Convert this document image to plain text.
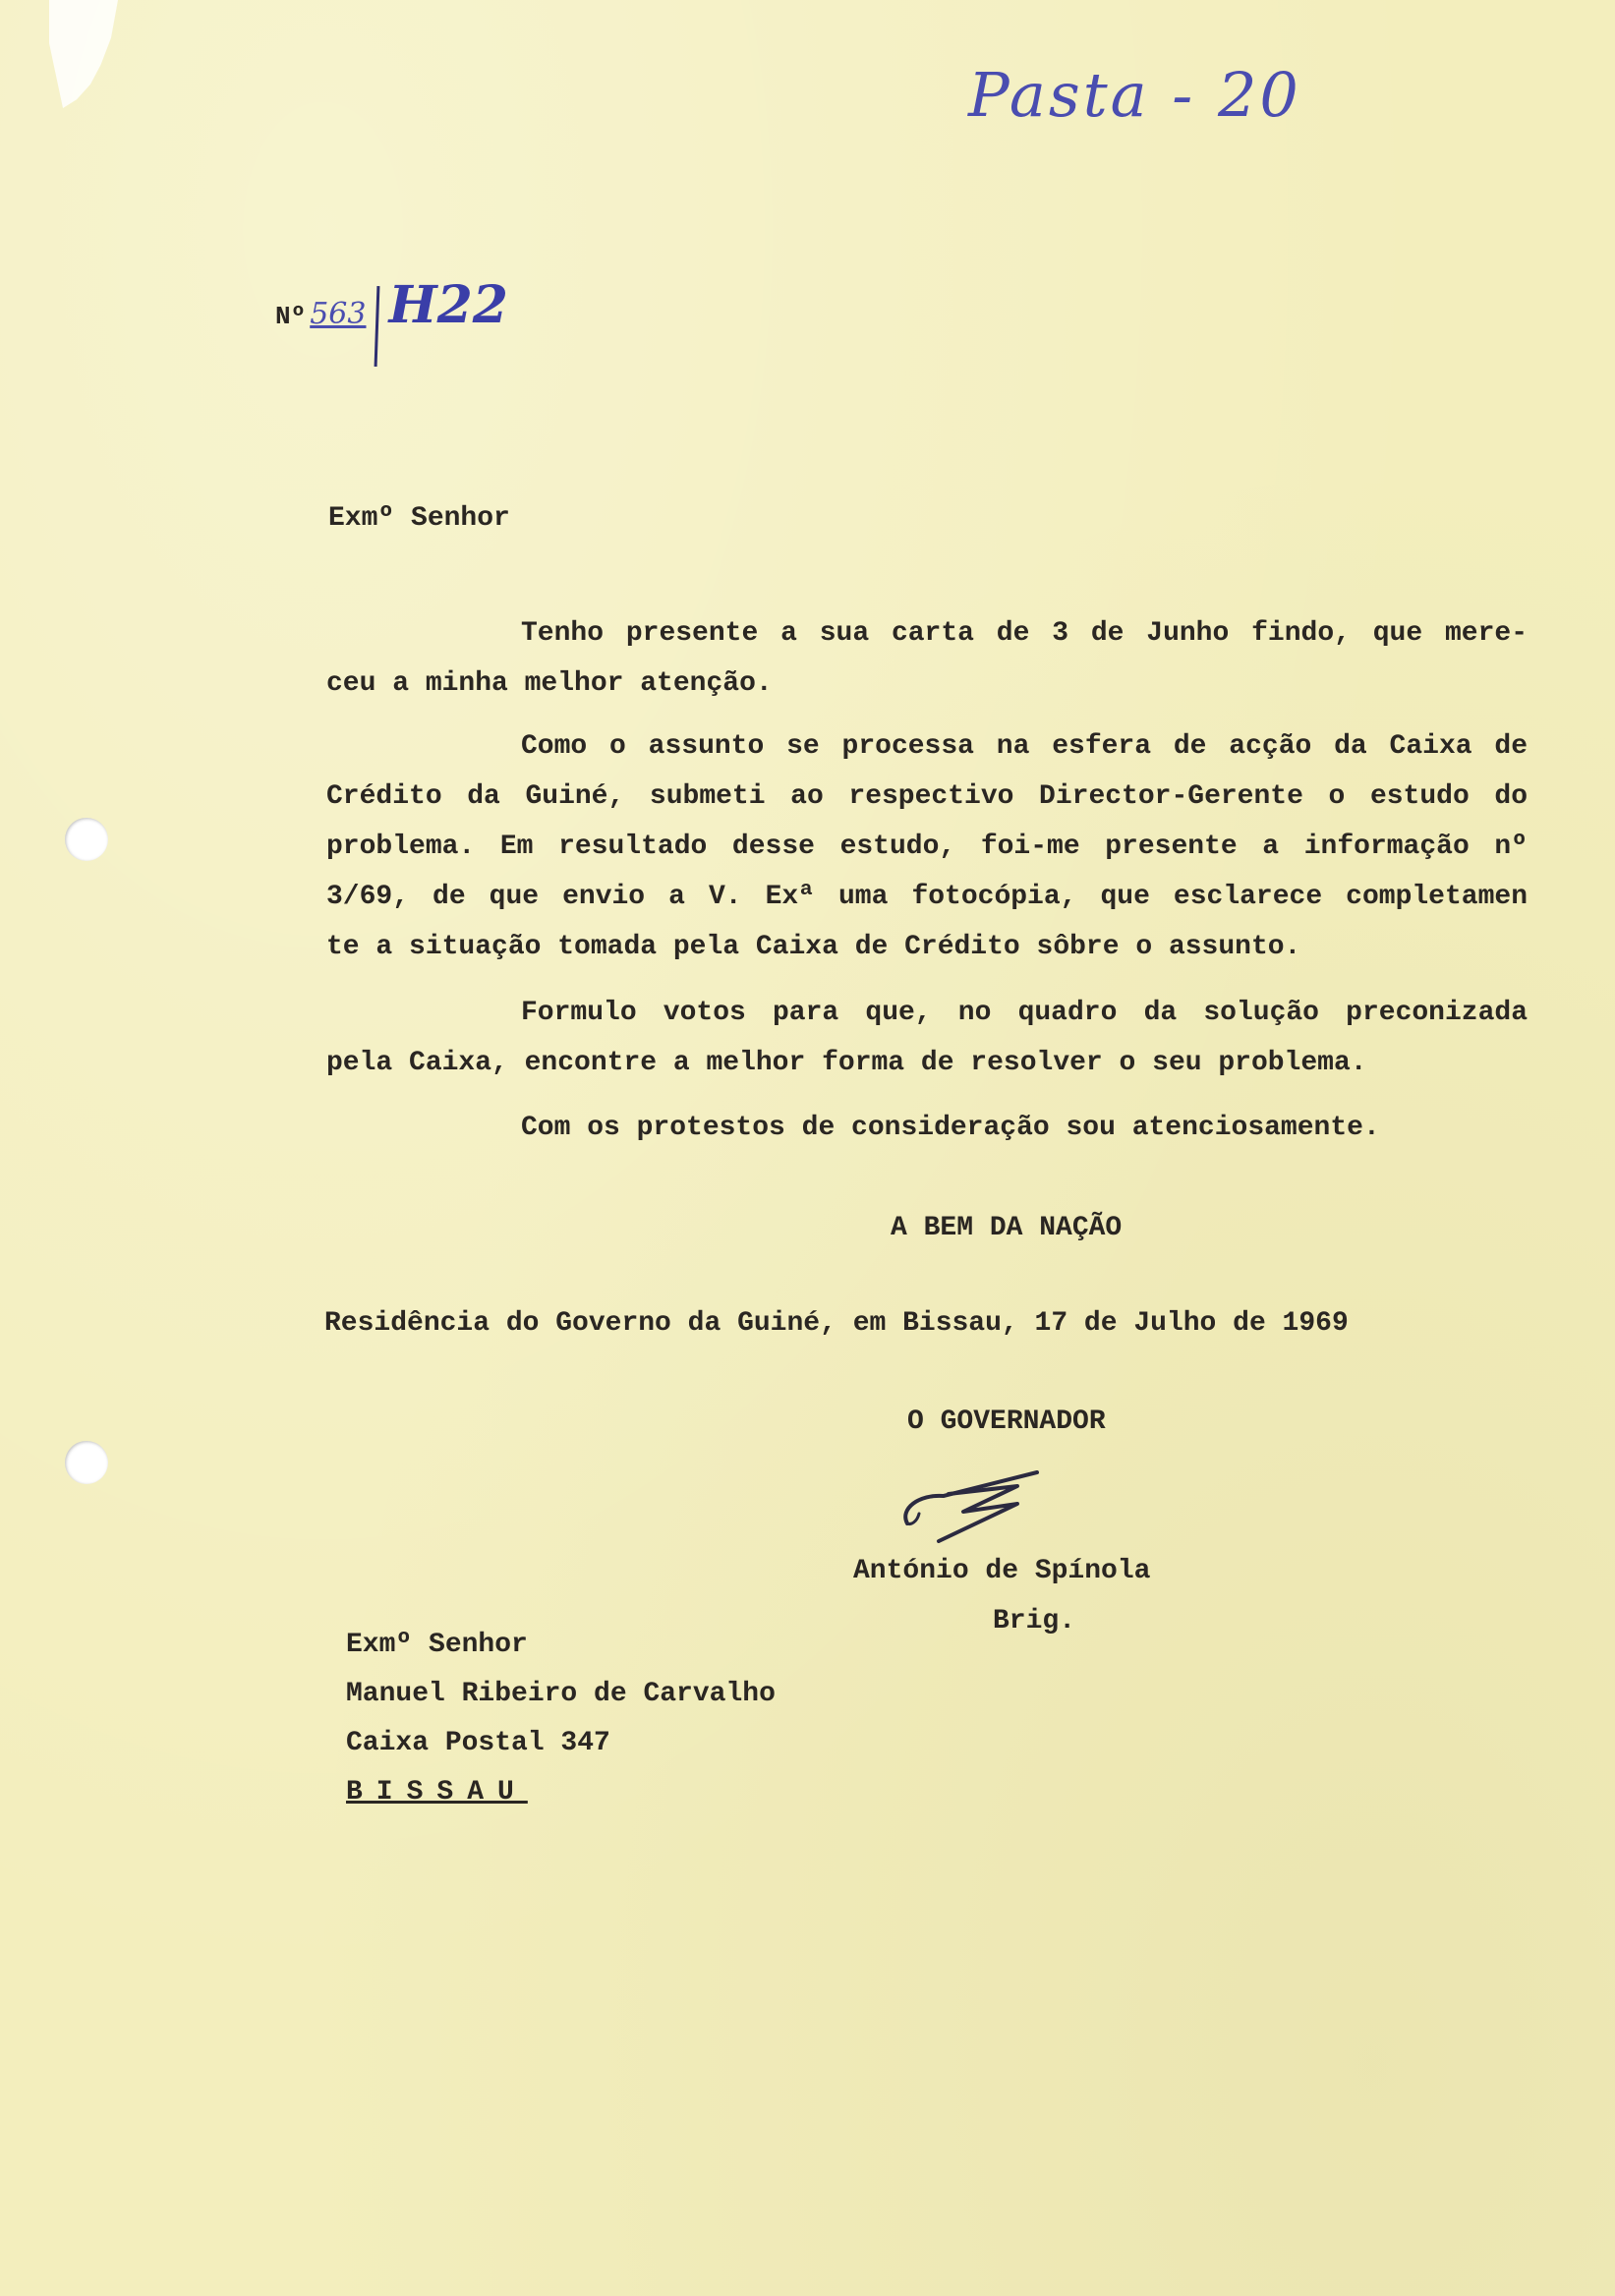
Pasta - 20
Nº 563 H22
Exmº Senhor
Tenho presente a sua carta de 3 de Junho findo, que mere-
ceu a minha melhor atenção.
Como o assunto se processa na esfera de acção da Caixa de
Crédito da Guiné, submeti ao respectivo Director-Gerente o estudo do
problema. Em resultado desse estudo, foi-me presente a informação nº
3/69, de que envio a V. Exª uma fotocópia, que esclarece completamen
te a situação tomada pela Caixa de Crédito sôbre o assunto.
Formulo votos para que, no quadro da solução preconizada
pela Caixa, encontre a melhor forma de resolver o seu problema.
Com os protestos de consideração sou atenciosamente.
A BEM DA NAÇÃO
Residência do Governo da Guiné, em Bissau, 17 de Julho de 1969
O GOVERNADOR
António de Spínola
Brig.
Exmº Senhor
Manuel Ribeiro de Carvalho
Caixa Postal 347
BISSAU
